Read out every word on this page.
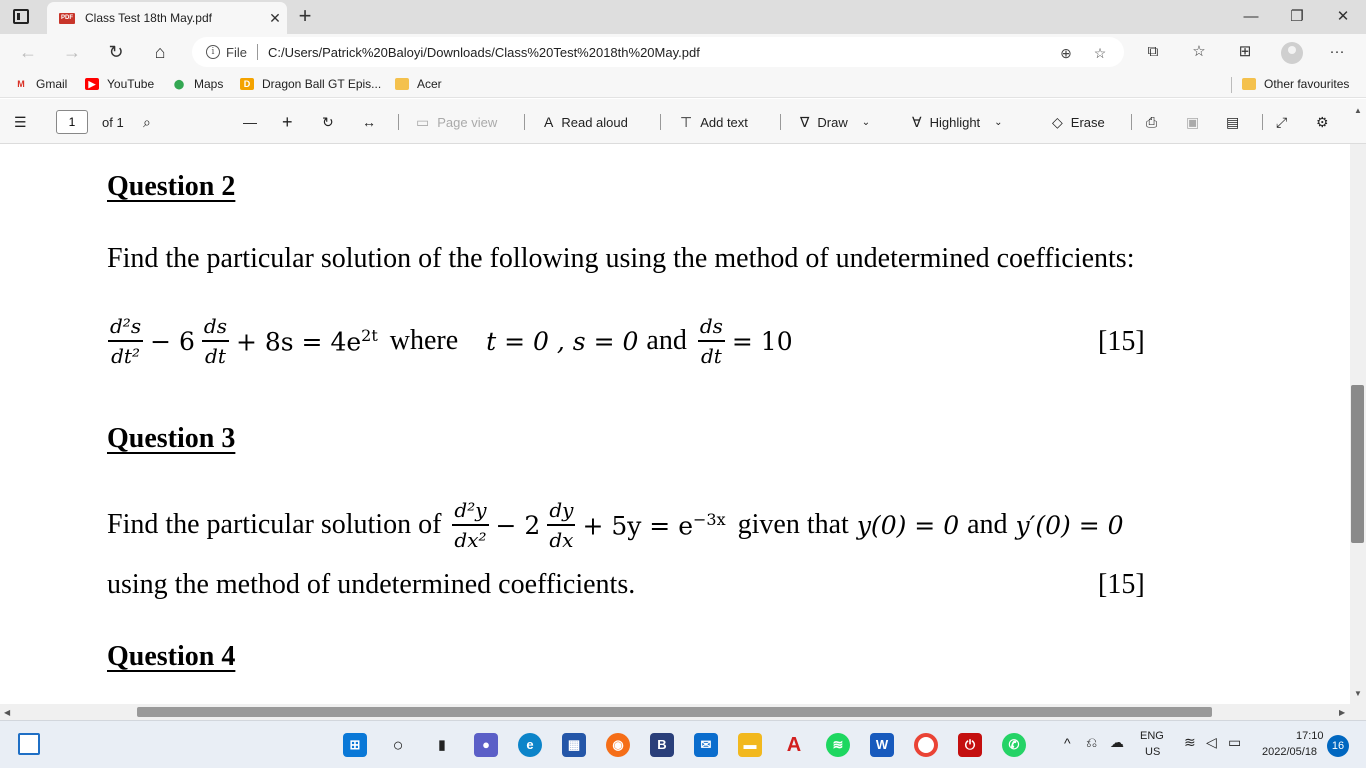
PDF Class Test 18th May.pdf	✕ +	—	❐	✕
← →	↻	⌂	i File C:/Users/Patrick%20Baloyi/Downloads/Class%20Test%2018th%20May.pdf	⊕ ☆	⧉	☆	⊞	···
M Gmail	▶ YouTube ⬤ Maps	D Dragon Ball GT Epis...	Acer	Other favourites
☰	1	of 1 ⌕	— + ↻ ↔	▭ Page view	A Read aloud	⊤ Add text	∇ Draw ⌄	∀ Highlight ⌄	◇ Erase	⎙ ▣ ▤	⤢ ⚙
Question 2
Find the particular solution of the following using the method of undetermined coefficients:
$\frac{\text{d²s}}{\text{dt²}} - 6 \frac{ds}{dt} + 8s = 4e^{2t}$ where t = 0 , s = 0 and $\frac{ds}{dt} = 10$	[15]
Question 3
Find the particular solution of $\frac{\text{d²y}}{\text{dx²}} - 2 \frac{dy}{dx} + 5y = e^{-3x}$ given that y(0) = 0 and y′(0) = 0
using the method of undetermined coefficients.	[15]
Question 4
▲
▼
◀	▶
⊞	○	▮	●	e	▦	◉	B	✉	▬ A	≋	W	⏻	✆	^ ⎌ ☁ ENG
US
≋ ◁ ▭	17:10
2022/05/18	16
